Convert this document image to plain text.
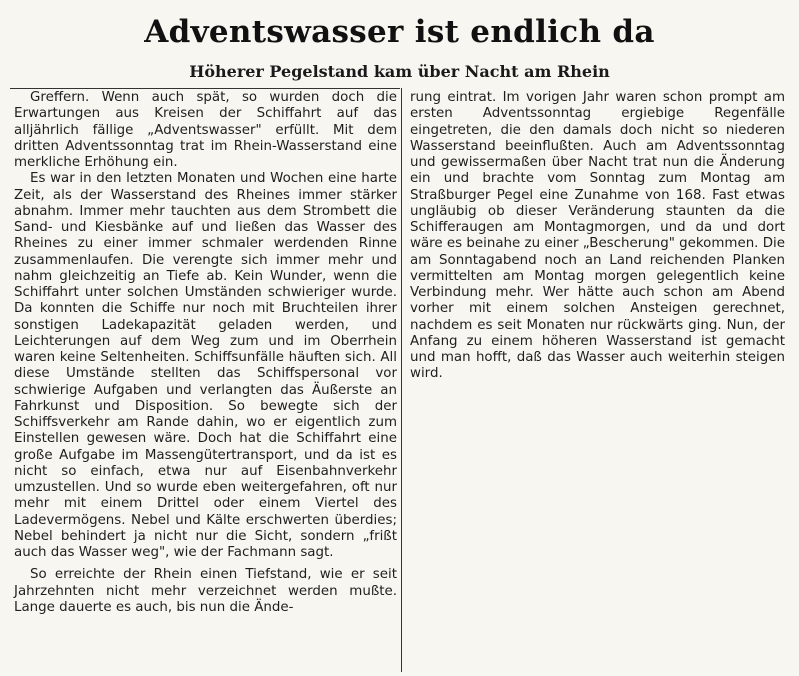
Adventswasser ist endlich da
Höherer Pegelstand kam über Nacht am Rhein

Greffern. Wenn auch spät, so wurden doch die Erwartungen aus Kreisen der Schiffahrt auf das alljährlich fällige „Adventswasser" erfüllt. Mit dem dritten Adventssonntag trat im Rhein-Wasserstand eine merkliche Erhöhung ein.

Es war in den letzten Monaten und Wochen eine harte Zeit, als der Wasserstand des Rheines immer stärker abnahm. Immer mehr tauchten aus dem Strombett die Sand- und Kiesbänke auf und ließen das Wasser des Rheines zu einer immer schmaler werdenden Rinne zusammenlaufen. Die verengte sich immer mehr und nahm gleichzeitig an Tiefe ab. Kein Wunder, wenn die Schiffahrt unter solchen Umständen schwieriger wurde. Da konnten die Schiffe nur noch mit Bruchteilen ihrer sonstigen Ladekapazität geladen werden, und Leichterungen auf dem Weg zum und im Oberrhein waren keine Seltenheiten. Schiffsunfälle häuften sich. All diese Umstände stellten das Schiffspersonal vor schwierige Aufgaben und verlangten das Äußerste an Fahrkunst und Disposition. So bewegte sich der Schiffsverkehr am Rande dahin, wo er eigentlich zum Einstellen gewesen wäre. Doch hat die Schiffahrt eine große Aufgabe im Massengütertransport, und da ist es nicht so einfach, etwa nur auf Eisenbahnverkehr umzustellen. Und so wurde eben weitergefahren, oft nur mehr mit einem Drittel oder einem Viertel des Ladevermögens. Nebel und Kälte erschwerten überdies; Nebel behindert ja nicht nur die Sicht, sondern „frißt auch das Wasser weg", wie der Fachmann sagt.

So erreichte der Rhein einen Tiefstand, wie er seit Jahrzehnten nicht mehr verzeichnet werden mußte. Lange dauerte es auch, bis nun die Ände-

rung eintrat. Im vorigen Jahr waren schon prompt am ersten Adventssonntag ergiebige Regenfälle eingetreten, die den damals doch nicht so niederen Wasserstand beeinflußten. Auch am Adventssonntag und gewissermaßen über Nacht trat nun die Änderung ein und brachte vom Sonntag zum Montag am Straßburger Pegel eine Zunahme von 168. Fast etwas ungläubig ob dieser Veränderung staunten da die Schifferaugen am Montagmorgen, und da und dort wäre es beinahe zu einer „Bescherung" gekommen. Die am Sonntagabend noch an Land reichenden Planken vermittelten am Montag morgen gelegentlich keine Verbindung mehr. Wer hätte auch schon am Abend vorher mit einem solchen Ansteigen gerechnet, nachdem es seit Monaten nur rückwärts ging. Nun, der Anfang zu einem höheren Wasserstand ist gemacht und man hofft, daß das Wasser auch weiterhin steigen wird.
